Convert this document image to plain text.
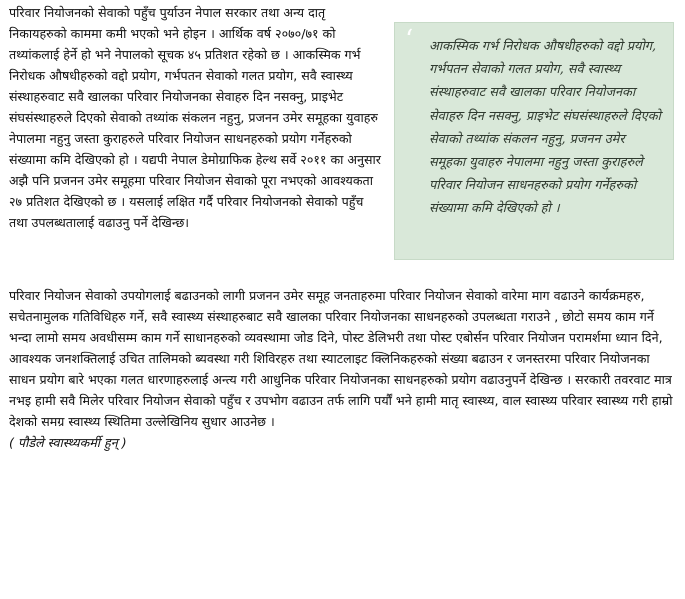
‘	आकस्मिक गर्भ निरोधक औषधीहरुको वद्दो प्रयोग, गर्भपतन सेवाको गलत प्रयोग, सवै स्वास्थ्य संस्थाहरुवाट सवै खालका परिवार नियोजनका सेवाहरु दिन नसक्नु, प्राइभेट संघसंस्थाहरुले दिएको सेवाको तथ्यांक संकलन नहुनु, प्रजनन उमेर समूहका युवाहरु नेपालमा नहुनु जस्ता कुराहरुले परिवार नियोजन साधनहरुको प्रयोग गर्नेहरुको संख्यामा कमि देखिएको हो ।

परिवार नियोजनको सेवाको पहुँच पुर्याउन नेपाल सरकार तथा अन्य दातृ निकायहरुको काममा कमी भएको भने होइन । आर्थिक वर्ष २०७०/७१ को तथ्यांकलाई हेर्ने हो भने नेपालको सूचक ४५ प्रतिशत रहेको छ । आकस्मिक गर्भ निरोधक औषधीहरुको वद्दो प्रयोग, गर्भपतन सेवाको गलत प्रयोग, सवै स्वास्थ्य संस्थाहरुवाट सवै खालका परिवार नियोजनका सेवाहरु दिन नसक्नु, प्राइभेट संघसंस्थाहरुले दिएको सेवाको तथ्यांक संकलन नहुनु, प्रजनन उमेर समूहका युवाहरु नेपालमा नहुनु जस्ता कुराहरुले परिवार नियोजन साधनहरुको प्रयोग गर्नेहरुको संख्यामा कमि देखिएको हो । यद्यपी नेपाल डेमोग्राफिक हेल्थ सर्वे २०११ का अनुसार अझै पनि प्रजनन उमेर समूहमा परिवार नियोजन सेवाको पूरा नभएको आवश्यकता २७ प्रतिशत देखिएको छ । यसलाई लक्षित गर्दै परिवार नियोजनको सेवाको पहुँच तथा उपलब्धतालाई वढाउनु पर्ने देखिन्छ।

परिवार नियोजन सेवाको उपयोगलाई बढाउनको लागी प्रजनन उमेर समूह जनताहरुमा परिवार नियोजन सेवाको वारेमा माग वढाउने कार्यक्रमहरु, सचेतनामुलक गतिविधिहरु गर्ने, सवै स्वास्थ्य संस्थाहरुबाट सवै खालका परिवार नियोजनका साधनहरुको उपलब्धता गराउने , छोटो समय काम गर्ने भन्दा लामो समय अवधीसम्म काम गर्ने साधानहरुको व्यवस्थामा जोड दिने, पोस्ट डेलिभरी तथा पोस्ट एबोर्सन परिवार नियोजन परामर्शमा ध्यान दिने, आवश्यक जनशक्तिलाई उचित तालिमको ब्यवस्था गरी शिविरहरु तथा स्याटलाइट क्लिनिकहरुको संख्या बढाउन र जनस्तरमा परिवार नियोजनका साधन प्रयोग बारे भएका गलत धारणाहरुलाई अन्त्य गरी आधुनिक परिवार नियोजनका साधनहरुको प्रयोग वढाउनुपर्ने देखिन्छ । सरकारी तवरवाट मात्र नभइ हामी सवै मिलेर परिवार नियोजन सेवाको पहुँच र उपभोग वढाउन तर्फ लागि पर्यौं भने हामी मातृ स्वास्थ्य, वाल स्वास्थ्य परिवार स्वास्थ्य गरी हाम्रो देशको समग्र स्वास्थ्य स्थितिमा उल्लेखिनिय सुधार आउनेछ ।

( पौडेले स्वास्थ्यकर्मी हुन् )
